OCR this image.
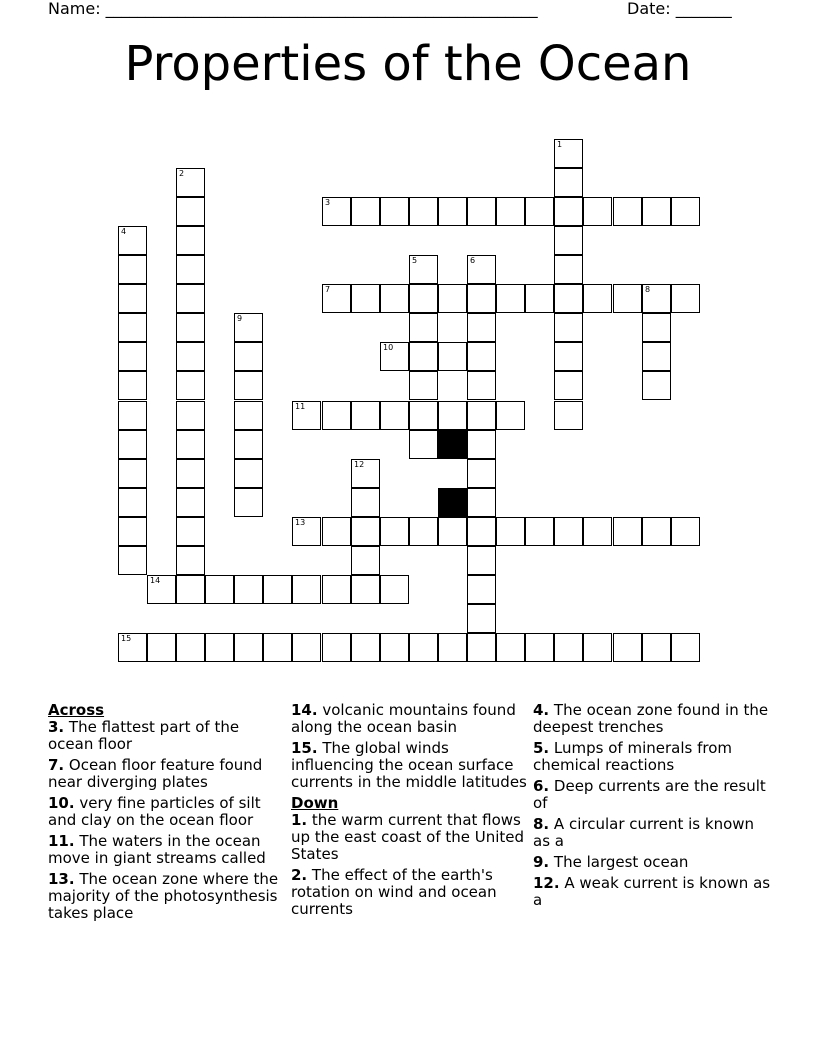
Name: ______________________________________________________	Date: _______
Properties of the Ocean
1
2
3
4
5	6
7	8
9
10
11
12
13
14
15

Across

3. The flattest part of the ocean floor

7. Ocean floor feature found near diverging plates

10. very fine particles of silt and clay on the ocean floor

11. The waters in the ocean move in giant streams called

13. The ocean zone where the majority of the photosynthesis takes place

14. volcanic mountains found along the ocean basin

15. The global winds influencing the ocean surface currents in the middle latitudes

Down

1. the warm current that flows up the east coast of the United States

2. The effect of the earth's rotation on wind and ocean currents

4. The ocean zone found in the deepest trenches

5. Lumps of minerals from chemical reactions

6. Deep currents are the result of

8. A circular current is known as a

9. The largest ocean

12. A weak current is known as a
